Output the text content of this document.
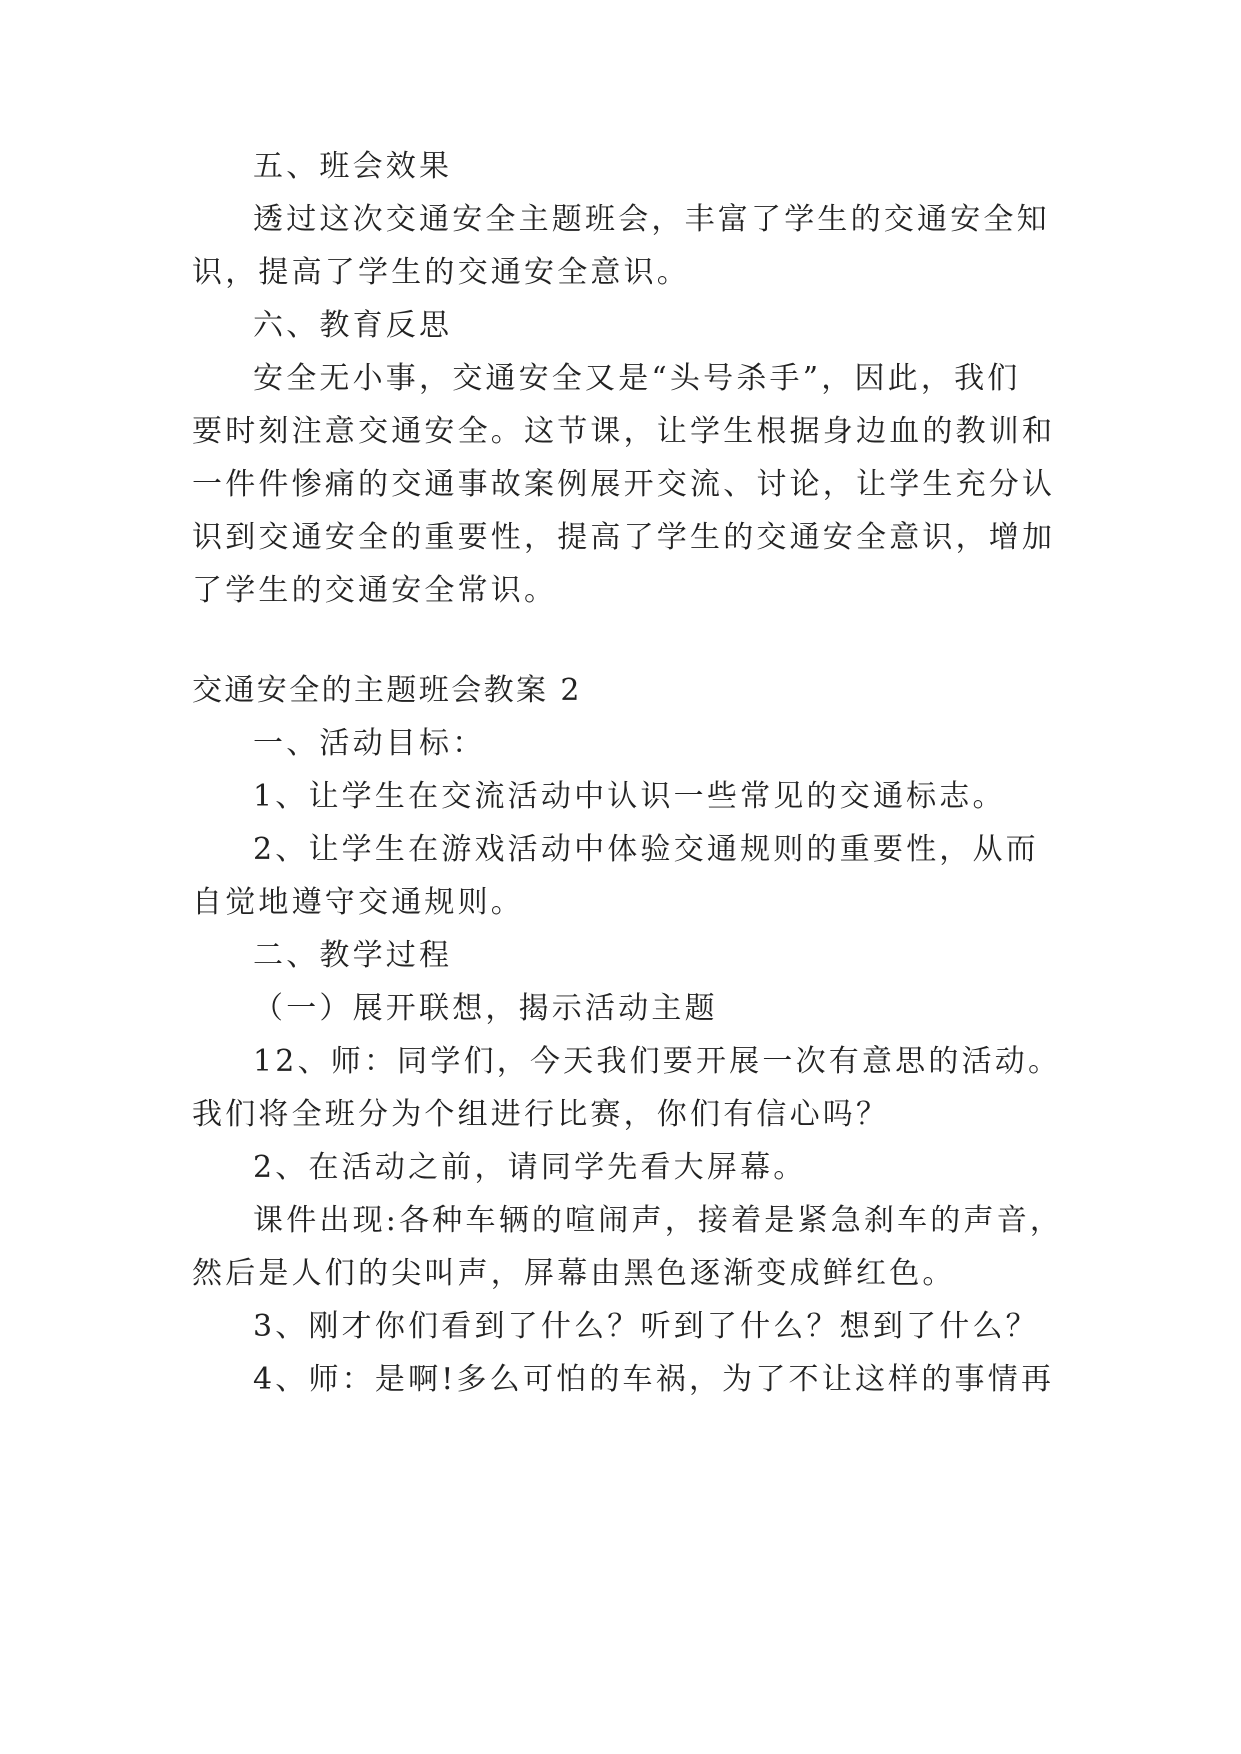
五、班会效果
透过这次交通安全主题班会，丰富了学生的交通安全知
识，提高了学生的交通安全意识。
六、教育反思
安全无小事，交通安全又是“头号杀手”，因此，我们
要时刻注意交通安全。这节课，让学生根据身边血的教训和
一件件惨痛的交通事故案例展开交流、讨论，让学生充分认
识到交通安全的重要性，提高了学生的交通安全意识，增加
了学生的交通安全常识。
交通安全的主题班会教案 2
一、活动目标：
1、让学生在交流活动中认识一些常见的交通标志。
2、让学生在游戏活动中体验交通规则的重要性，从而
自觉地遵守交通规则。
二、教学过程
（一）展开联想，揭示活动主题
12、师：同学们，今天我们要开展一次有意思的活动。
我们将全班分为个组进行比赛，你们有信心吗？
2、在活动之前，请同学先看大屏幕。
课件出现:各种车辆的喧闹声，接着是紧急刹车的声音，
然后是人们的尖叫声，屏幕由黑色逐渐变成鲜红色。
3、刚才你们看到了什么？听到了什么？想到了什么？
4、师：是啊!多么可怕的车祸，为了不让这样的事情再
